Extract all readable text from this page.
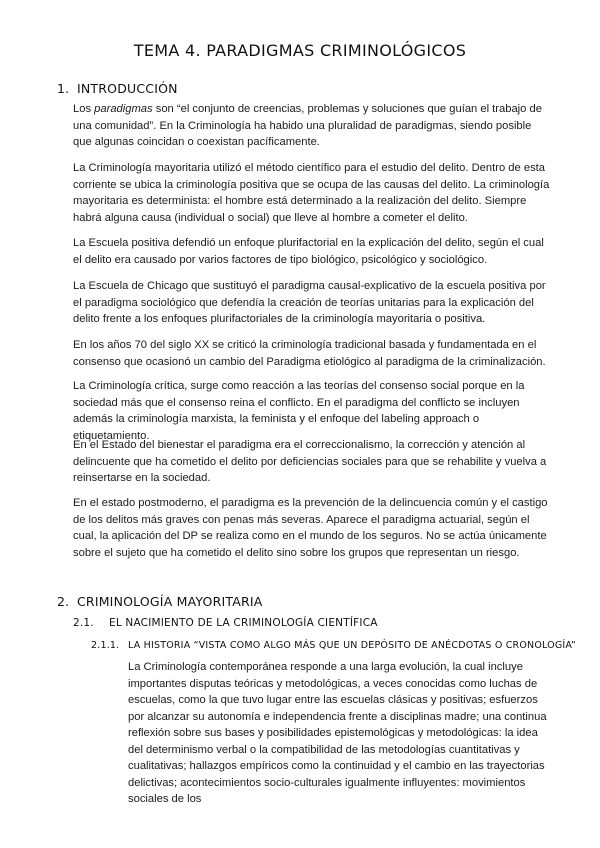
TEMA 4. PARADIGMAS CRIMINOLÓGICOS
1. INTRODUCCIÓN

Los paradigmas son “el conjunto de creencias, problemas y soluciones que guían el trabajo de una comunidad”. En la Criminología ha habido una pluralidad de paradigmas, siendo posible que algunas coincidan o coexistan pacíficamente.

La Criminología mayoritaria utilizó el método científico para el estudio del delito. Dentro de esta corriente se ubica la criminología positiva que se ocupa de las causas del delito. La criminología mayoritaria es determinista: el hombre está determinado a la realización del delito. Siempre habrá alguna causa (individual o social) que lleve al hombre a cometer el delito.

La Escuela positiva defendió un enfoque plurifactorial en la explicación del delito, según el cual el delito era causado por varios factores de tipo biológico, psicológico y sociológico.

La Escuela de Chicago que sustituyó el paradigma causal-explicativo de la escuela positiva por el paradigma sociológico que defendía la creación de teorías unitarias para la explicación del delito frente a los enfoques plurifactoriales de la criminología mayoritaria o positiva.

En los años 70 del siglo XX se criticó la criminología tradicional basada y fundamentada en el consenso que ocasionó un cambio del Paradigma etiológico al paradigma de la criminalización.

La Criminología crítica, surge como reacción a las teorías del consenso social porque en la sociedad más que el consenso reina el conflicto. En el paradigma del conflicto se incluyen además la criminología marxista, la feminista y el enfoque del labeling approach o etiquetamiento.

En el Estado del bienestar el paradigma era el correccionalismo, la corrección y atención al delincuente que ha cometido el delito por deficiencias sociales para que se rehabilite y vuelva a reinsertarse en la sociedad.

En el estado postmoderno, el paradigma es la prevención de la delincuencia común y el castigo de los delitos más graves con penas más severas. Aparece el paradigma actuarial, según el cual, la aplicación del DP se realiza como en el mundo de los seguros. No se actúa únicamente sobre el sujeto que ha cometido el delito sino sobre los grupos que representan un riesgo.

2. CRIMINOLOGÍA MAYORITARIA
2.1. EL NACIMIENTO DE LA CRIMINOLOGÍA CIENTÍFICA
2.1.1. LA HISTORIA “VISTA COMO ALGO MÁS QUE UN DEPÓSITO DE ANÉCDOTAS O CRONOLOGÍA”

La Criminología contemporánea responde a una larga evolución, la cual incluye importantes disputas teóricas y metodológicas, a veces conocidas como luchas de escuelas, como la que tuvo lugar entre las escuelas clásicas y positivas; esfuerzos por alcanzar su autonomía e independencia frente a disciplinas madre; una continua reflexión sobre sus bases y posibilidades epistemológicas y metodológicas: la idea del determinismo verbal o la compatibilidad de las metodologías cuantitativas y cualitativas; hallazgos empíricos como la continuidad y el cambio en las trayectorias delictivas; acontecimientos socio-culturales igualmente influyentes: movimientos sociales de los
